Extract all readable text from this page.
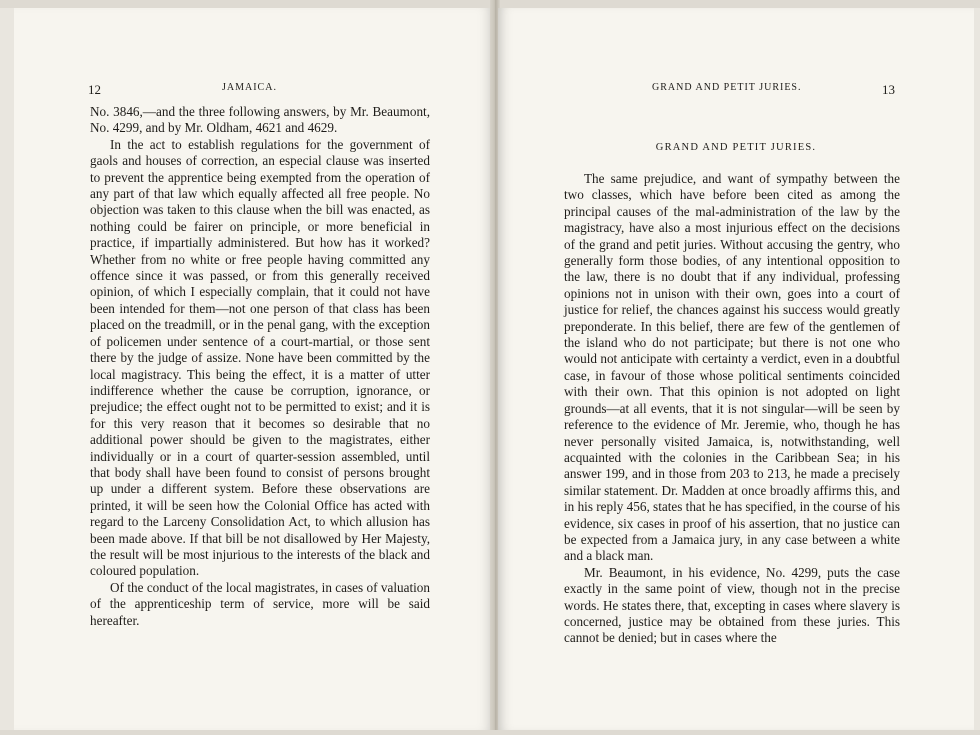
12	JAMAICA.

No. 3846,—and the three following answers, by Mr. Beaumont, No. 4299, and by Mr. Oldham, 4621 and 4629.

In the act to establish regulations for the government of gaols and houses of correction, an especial clause was inserted to prevent the apprentice being exempted from the operation of any part of that law which equally affected all free people. No objection was taken to this clause when the bill was enacted, as nothing could be fairer on principle, or more beneficial in practice, if impartially administered. But how has it worked? Whether from no white or free people having committed any offence since it was passed, or from this generally received opinion, of which I especially complain, that it could not have been intended for them—not one person of that class has been placed on the treadmill, or in the penal gang, with the exception of policemen under sentence of a court-martial, or those sent there by the judge of assize. None have been committed by the local magistracy. This being the effect, it is a matter of utter indifference whether the cause be corruption, ignorance, or prejudice; the effect ought not to be permitted to exist; and it is for this very reason that it becomes so desirable that no additional power should be given to the magistrates, either individually or in a court of quarter-session assembled, until that body shall have been found to consist of persons brought up under a different system. Before these observations are printed, it will be seen how the Colonial Office has acted with regard to the Larceny Consolidation Act, to which allusion has been made above. If that bill be not disallowed by Her Majesty, the result will be most injurious to the interests of the black and coloured population.

Of the conduct of the local magistrates, in cases of valuation of the apprenticeship term of service, more will be said hereafter.

GRAND AND PETIT JURIES.	13
GRAND AND PETIT JURIES.

The same prejudice, and want of sympathy between the two classes, which have before been cited as among the principal causes of the mal-administration of the law by the magistracy, have also a most injurious effect on the decisions of the grand and petit juries. Without accusing the gentry, who generally form those bodies, of any intentional opposition to the law, there is no doubt that if any individual, professing opinions not in unison with their own, goes into a court of justice for relief, the chances against his success would greatly preponderate. In this belief, there are few of the gentlemen of the island who do not participate; but there is not one who would not anticipate with certainty a verdict, even in a doubtful case, in favour of those whose political sentiments coincided with their own. That this opinion is not adopted on light grounds—at all events, that it is not singular—will be seen by reference to the evidence of Mr. Jeremie, who, though he has never personally visited Jamaica, is, notwithstanding, well acquainted with the colonies in the Caribbean Sea; in his answer 199, and in those from 203 to 213, he made a precisely similar statement. Dr. Madden at once broadly affirms this, and in his reply 456, states that he has specified, in the course of his evidence, six cases in proof of his assertion, that no justice can be expected from a Jamaica jury, in any case between a white and a black man.

Mr. Beaumont, in his evidence, No. 4299, puts the case exactly in the same point of view, though not in the precise words. He states there, that, excepting in cases where slavery is concerned, justice may be obtained from these juries. This cannot be denied; but in cases where the
